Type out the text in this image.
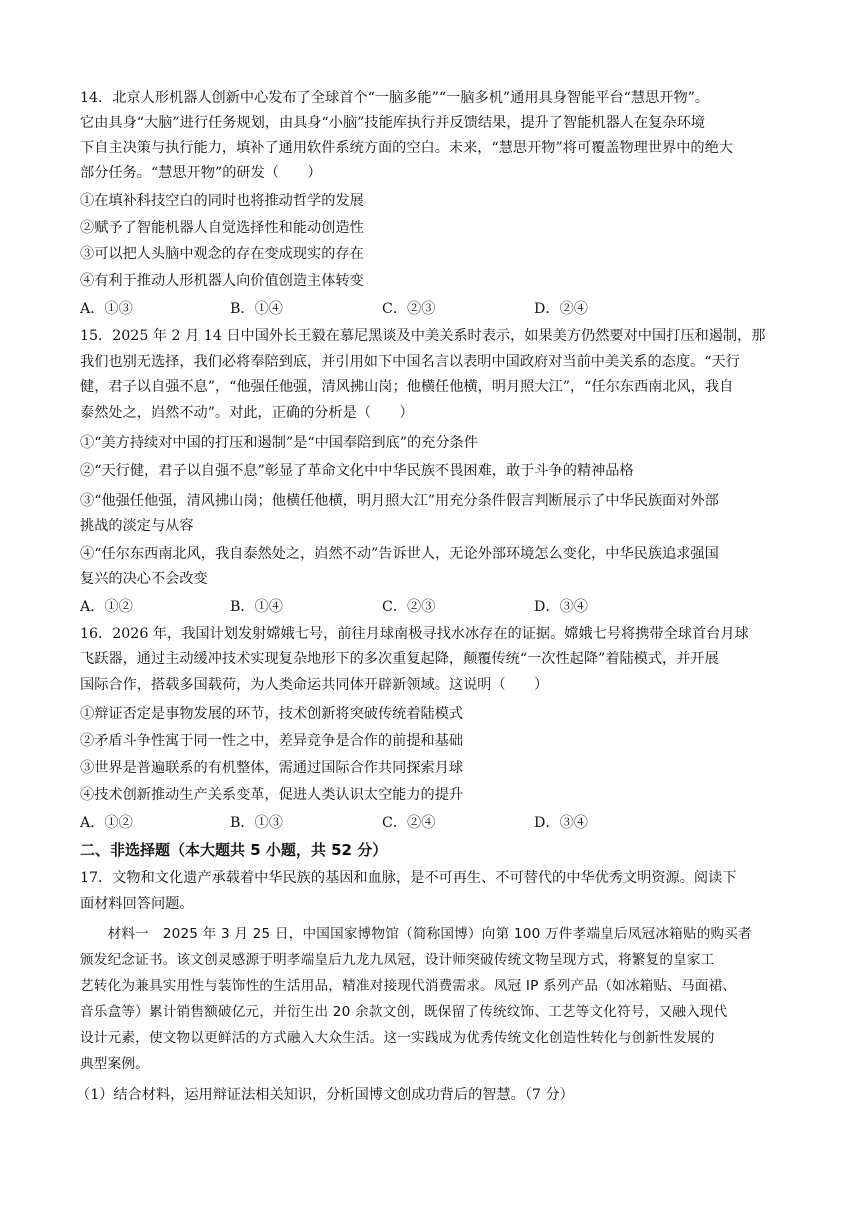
14．北京人形机器人创新中心发布了全球首个“一脑多能”“一脑多机”通用具身智能平台“慧思开物”。
它由具身“大脑”进行任务规划，由具身“小脑”技能库执行并反馈结果，提升了智能机器人在复杂环境
下自主决策与执行能力，填补了通用软件系统方面的空白。未来，“慧思开物”将可覆盖物理世界中的绝大
部分任务。“慧思开物”的研发（　　）
①在填补科技空白的同时也将推动哲学的发展
②赋予了智能机器人自觉选择性和能动创造性
③可以把人头脑中观念的存在变成现实的存在
④有利于推动人形机器人向价值创造主体转变
A．①③	B．①④	C．②③	D．②④
15．2025 年 2 月 14 日中国外长王毅在慕尼黑谈及中美关系时表示，如果美方仍然要对中国打压和遏制，那
我们也别无选择，我们必将奉陪到底，并引用如下中国名言以表明中国政府对当前中美关系的态度。“天行
健，君子以自强不息”，“他强任他强，清风拂山岗；他横任他横，明月照大江”，“任尔东西南北风，我自
泰然处之，岿然不动”。对此，正确的分析是（　　）
①“美方持续对中国的打压和遏制”是“中国奉陪到底”的充分条件
②“天行健，君子以自强不息”彰显了革命文化中中华民族不畏困难，敢于斗争的精神品格
③“他强任他强，清风拂山岗；他横任他横，明月照大江”用充分条件假言判断展示了中华民族面对外部
挑战的淡定与从容
④“任尔东西南北风，我自泰然处之，岿然不动”告诉世人，无论外部环境怎么变化，中华民族追求强国
复兴的决心不会改变
A．①②	B．①④	C．②③	D．③④
16．2026 年，我国计划发射嫦娥七号，前往月球南极寻找水冰存在的证据。嫦娥七号将携带全球首台月球
飞跃器，通过主动缓冲技术实现复杂地形下的多次重复起降，颠覆传统“一次性起降”着陆模式，并开展
国际合作，搭载多国载荷，为人类命运共同体开辟新领域。这说明（　　）
①辩证否定是事物发展的环节，技术创新将突破传统着陆模式
②矛盾斗争性寓于同一性之中，差异竞争是合作的前提和基础
③世界是普遍联系的有机整体，需通过国际合作共同探索月球
④技术创新推动生产关系变革，促进人类认识太空能力的提升
A．①②	B．①③	C．②④	D．③④
二、非选择题（本大题共 5 小题，共 52 分）
17．文物和文化遗产承载着中华民族的基因和血脉，是不可再生、不可替代的中华优秀文明资源。阅读下
面材料回答问题。
　　材料一　2025 年 3 月 25 日，中国国家博物馆（简称国博）向第 100 万件孝端皇后凤冠冰箱贴的购买者
颁发纪念证书。该文创灵感源于明孝端皇后九龙九凤冠，设计师突破传统文物呈现方式，将繁复的皇家工
艺转化为兼具实用性与装饰性的生活用品，精准对接现代消费需求。凤冠 IP 系列产品（如冰箱贴、马面裙、
音乐盒等）累计销售额破亿元，并衍生出 20 余款文创，既保留了传统纹饰、工艺等文化符号，又融入现代
设计元素，使文物以更鲜活的方式融入大众生活。这一实践成为优秀传统文化创造性转化与创新性发展的
典型案例。
（1）结合材料，运用辩证法相关知识，分析国博文创成功背后的智慧。（7 分）
